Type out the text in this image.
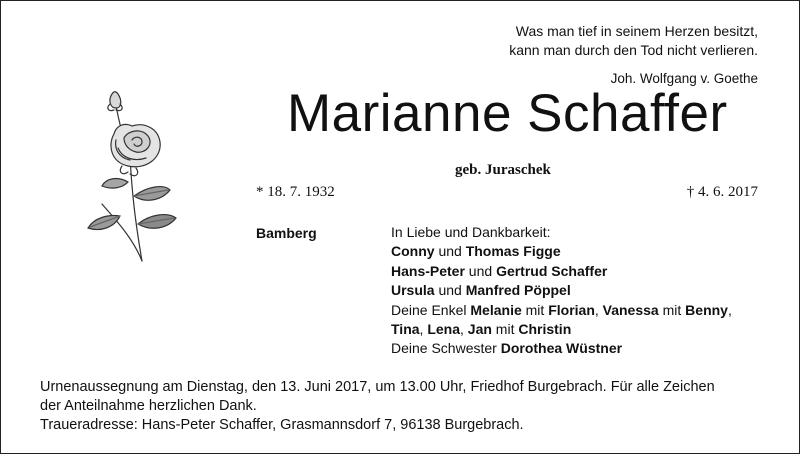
Was man tief in seinem Herzen besitzt,
kann man durch den Tod nicht verlieren.
Joh. Wolfgang v. Goethe
Marianne Schaffer
geb. Juraschek
* 18. 7. 1932	† 4. 6. 2017
Bamberg	In Liebe und Dankbarkeit:
Conny und Thomas Figge
Hans-Peter und Gertrud Schaffer
Ursula und Manfred Pöppel
Deine Enkel Melanie mit Florian, Vanessa mit Benny,
Tina, Lena, Jan mit Christin
Deine Schwester Dorothea Wüstner
Urnenaussegnung am Dienstag, den 13. Juni 2017, um 13.00 Uhr, Friedhof Burgebrach. Für alle Zeichen
der Anteilnahme herzlichen Dank.
Traueradresse: Hans-Peter Schaffer, Grasmannsdorf 7, 96138 Burgebrach.
